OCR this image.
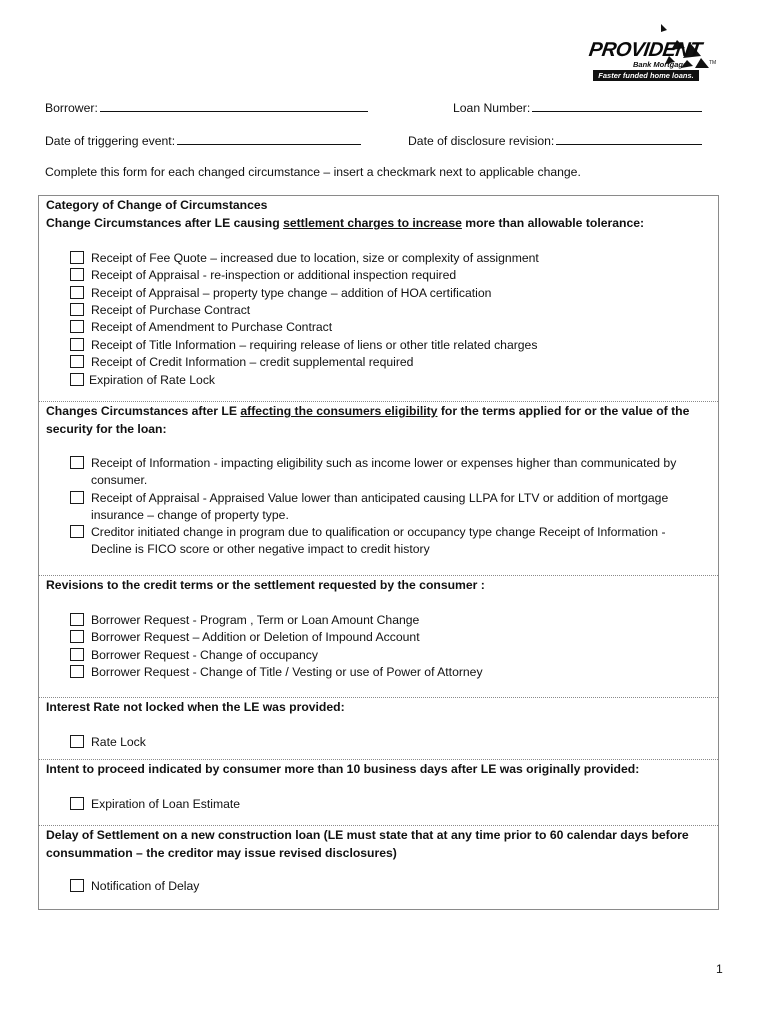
PROVIDENT
Bank Mortgage
Faster funded home loans.
TM
Borrower:	Loan Number:
Date of triggering event:	Date of disclosure revision:
Complete this form for each changed circumstance – insert a checkmark next to applicable change.
Category of Change of Circumstances
Change Circumstances after LE causing settlement charges to increase more than allowable tolerance:
Receipt of Fee Quote – increased due to location, size or complexity of assignment
Receipt of Appraisal - re-inspection or additional inspection required
Receipt of Appraisal – property type change – addition of HOA certification
Receipt of Purchase Contract
Receipt of Amendment to Purchase Contract
Receipt of Title Information – requiring release of liens or other title related charges
Receipt of Credit Information – credit supplemental required
Expiration of Rate Lock
Changes Circumstances after LE affecting the consumers eligibility for the terms applied for or the value of the security for the loan:
Receipt of Information - impacting eligibility such as income lower or expenses higher than communicated by consumer.
Receipt of Appraisal - Appraised Value lower than anticipated causing LLPA for LTV or addition of mortgage insurance – change of property type.
Creditor initiated change in program due to qualification or occupancy type change Receipt of Information - Decline is FICO score or other negative impact to credit history
Revisions to the credit terms or the settlement requested by the consumer :
Borrower Request - Program , Term or Loan Amount Change
Borrower Request – Addition or Deletion of Impound Account
Borrower Request - Change of occupancy
Borrower Request - Change of Title / Vesting or use of Power of Attorney
Interest Rate not locked when the LE was provided:
Rate Lock
Intent to proceed indicated by consumer more than 10 business days after LE was originally provided:
Expiration of Loan Estimate
Delay of Settlement on a new construction loan (LE must state that at any time prior to 60 calendar days before consummation – the creditor may issue revised disclosures)
Notification of Delay
1
